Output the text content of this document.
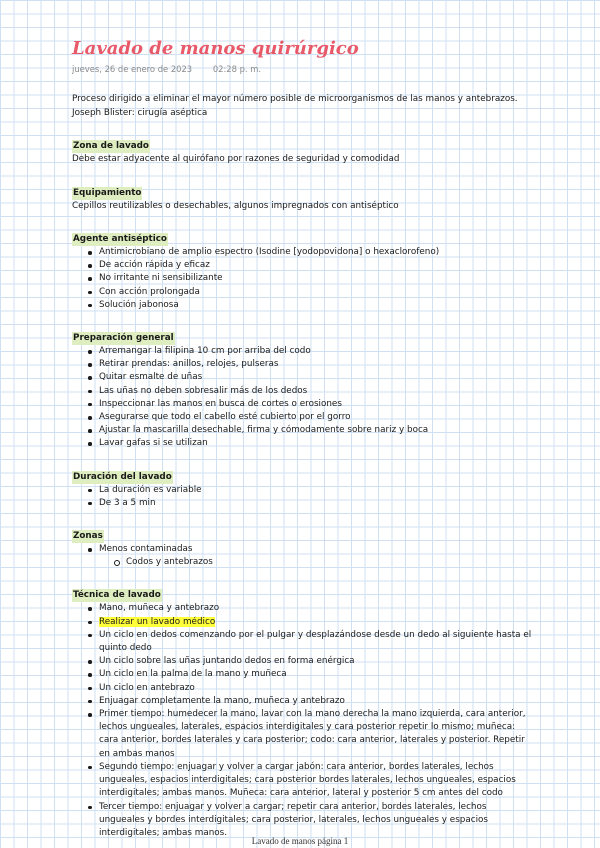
Lavado de manos quirúrgico
jueves, 26 de enero de 2023 02:28 p. m.
Proceso dirigido a eliminar el mayor número posible de microorganismos de las manos y antebrazos.
Joseph Blister: cirugía aséptica
Zona de lavado
Debe estar adyacente al quirófano por razones de seguridad y comodidad
Equipamiento
Cepillos reutilizables o desechables, algunos impregnados con antiséptico
Agente antiséptico
Antimicrobiano de amplio espectro (Isodine [yodopovidona] o hexaclorofeno)
De acción rápida y eficaz
No irritante ni sensibilizante
Con acción prolongada
Solución jabonosa
Preparación general
Arremangar la filipina 10 cm por arriba del codo
Retirar prendas: anillos, relojes, pulseras
Quitar esmalte de uñas
Las uñas no deben sobresalir más de los dedos
Inspeccionar las manos en busca de cortes o erosiones
Asegurarse que todo el cabello esté cubierto por el gorro
Ajustar la mascarilla desechable, firma y cómodamente sobre nariz y boca
Lavar gafas si se utilizan
Duración del lavado
La duración es variable
De 3 a 5 min
Zonas
Menos contaminadas
Codos y antebrazos
Técnica de lavado
Mano, muñeca y antebrazo
Realizar un lavado médico
Un ciclo en dedos comenzando por el pulgar y desplazándose desde un dedo al siguiente hasta el quinto dedo
Un ciclo sobre las uñas juntando dedos en forma enérgica
Un ciclo en la palma de la mano y muñeca
Un ciclo en antebrazo
Enjuagar completamente la mano, muñeca y antebrazo
Primer tiempo: humedecer la mano, lavar con la mano derecha la mano izquierda, cara anterior, lechos ungueales, laterales, espacios interdigitales y cara posterior repetir lo mismo; muñeca: cara anterior, bordes laterales y cara posterior; codo: cara anterior, laterales y posterior. Repetir en ambas manos
Segundo tiempo: enjuagar y volver a cargar jabón: cara anterior, bordes laterales, lechos ungueales, espacios interdigitales; cara posterior bordes laterales, lechos ungueales, espacios interdigitales; ambas manos. Muñeca: cara anterior, lateral y posterior 5 cm antes del codo
Tercer tiempo: enjuagar y volver a cargar; repetir cara anterior, bordes laterales, lechos ungueales y bordes interdigitales; cara posterior, laterales, lechos ungueales y espacios interdigitales; ambas manos.
Lavado de manos página 1
